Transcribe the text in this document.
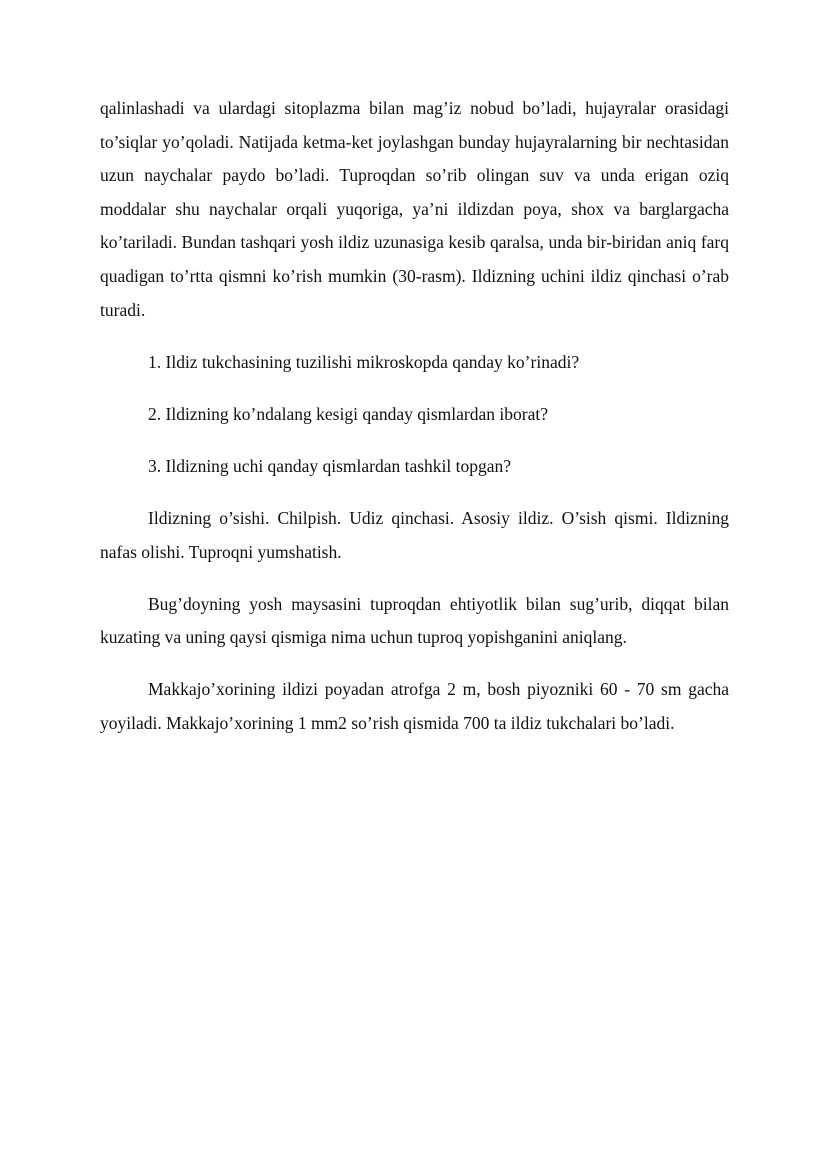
qalinlashadi va ulardagi sitoplazma bilan mag’iz nobud bo’ladi, hujayralar orasidagi to’siqlar yo’qoladi. Natijada ketma-ket joylashgan bunday hujayralarning bir nechtasidan uzun naychalar paydo bo’ladi. Tuproqdan so’rib olingan suv va unda erigan oziq moddalar shu naychalar orqali yuqoriga, ya’ni ildizdan poya, shox va barglargacha ko’tariladi. Bundan tashqari yosh ildiz uzunasiga kesib qaralsa, unda bir-biridan aniq farq quadigan to’rtta qismni ko’rish mumkin (30-rasm). Ildizning uchini ildiz qinchasi o’rab turadi.

1. Ildiz tukchasining tuzilishi mikroskopda qanday ko’rinadi?

2. Ildizning ko’ndalang kesigi qanday qismlardan iborat?

3. Ildizning uchi qanday qismlardan tashkil topgan?

Ildizning o’sishi. Chilpish. Udiz qinchasi. Asosiy ildiz. O’sish qismi. Ildizning nafas olishi. Tuproqni yumshatish.

Bug’doyning yosh maysasini tuproqdan ehtiyotlik bilan sug’urib, diqqat bilan kuzating va uning qaysi qismiga nima uchun tuproq yopishganini aniqlang.

Makkajo’xorining ildizi poyadan atrofga 2 m, bosh piyozniki 60 - 70 sm gacha yoyiladi. Makkajo’xorining 1 mm2 so’rish qismida 700 ta ildiz tukchalari bo’ladi.
